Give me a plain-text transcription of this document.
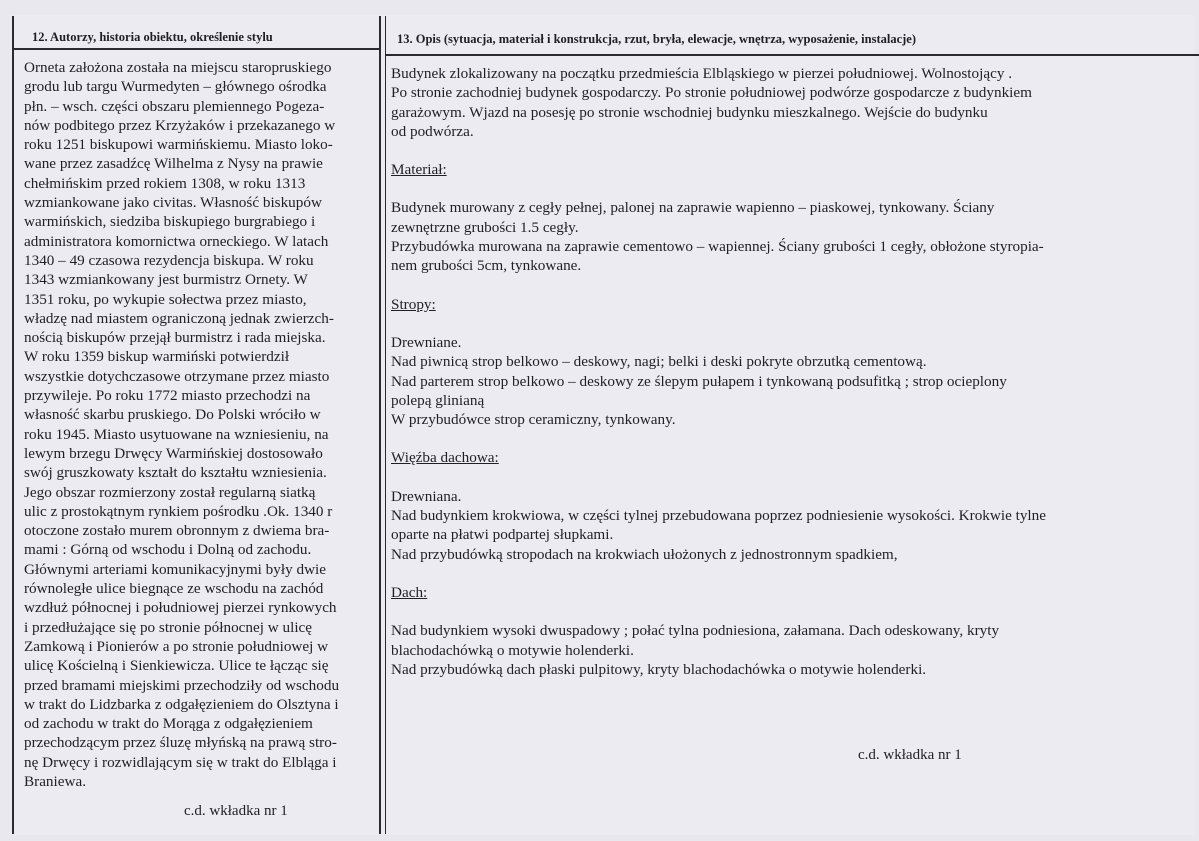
12. Autorzy, historia obiektu, określenie stylu	13. Opis (sytuacja, materiał i konstrukcja, rzut, bryła, elewacje, wnętrza, wyposażenie, instalacje)
Orneta założona została na miejscu staropruskiego
grodu lub targu Wurmedyten – głównego ośrodka
płn. – wsch. części obszaru plemiennego Pogeza-
nów podbitego przez Krzyżaków i przekazanego w
roku 1251 biskupowi warmińskiemu. Miasto loko-
wane przez zasadźcę Wilhelma z Nysy na prawie
chełmińskim przed rokiem 1308, w roku 1313
wzmiankowane jako civitas. Własność biskupów
warmińskich, siedziba biskupiego burgrabiego i
administratora komornictwa orneckiego. W latach
1340 – 49 czasowa rezydencja biskupa. W roku
1343 wzmiankowany jest burmistrz Ornety. W
1351 roku, po wykupie sołectwa przez miasto,
władzę nad miastem ograniczoną jednak zwierzch-
nością biskupów przejął burmistrz i rada miejska.
W roku 1359 biskup warmiński potwierdził
wszystkie dotychczasowe otrzymane przez miasto
przywileje. Po roku 1772 miasto przechodzi na
własność skarbu pruskiego. Do Polski wróciło w
roku 1945. Miasto usytuowane na wzniesieniu, na
lewym brzegu Drwęcy Warmińskiej dostosowało
swój gruszkowaty kształt do kształtu wzniesienia.
Jego obszar rozmierzony został regularną siatką
ulic z prostokątnym rynkiem pośrodku .Ok. 1340 r
otoczone zostało murem obronnym z dwiema bra-
mami : Górną od wschodu i Dolną od zachodu.
Głównymi arteriami komunikacyjnymi były dwie
równoległe ulice biegnące ze wschodu na zachód
wzdłuż północnej i południowej pierzei rynkowych
i przedłużające się po stronie północnej w ulicę
Zamkową i Pionierów a po stronie południowej w
ulicę Kościelną i Sienkiewicza. Ulice te łącząc się
przed bramami miejskimi przechodziły od wschodu
w trakt do Lidzbarka z odgałęzieniem do Olsztyna i
od zachodu w trakt do Morąga z odgałęzieniem
przechodzącym przez śluzę młyńską na prawą stro-
nę Drwęcy i rozwidlającym się w trakt do Elbląga i
Braniewa.
c.d. wkładka nr 1
Budynek zlokalizowany na początku przedmieścia Elbląskiego w pierzei południowej. Wolnostojący .
Po stronie zachodniej budynek gospodarczy. Po stronie południowej podwórze gospodarcze z budynkiem
garażowym. Wjazd na posesję po stronie wschodniej budynku mieszkalnego. Wejście do budynku
od podwórza.
Materiał:
Budynek murowany z cegły pełnej, palonej na zaprawie wapienno – piaskowej, tynkowany. Ściany
zewnętrzne grubości 1.5 cegły.
Przybudówka murowana na zaprawie cementowo – wapiennej. Ściany grubości 1 cegły, obłożone styropia-
nem grubości 5cm, tynkowane.
Stropy:
Drewniane.
Nad piwnicą strop belkowo – deskowy, nagi; belki i deski pokryte obrzutką cementową.
Nad parterem strop belkowo – deskowy ze ślepym pułapem i tynkowaną podsufitką ; strop ocieplony
polepą glinianą
W przybudówce strop ceramiczny, tynkowany.
Więźba dachowa:
Drewniana.
Nad budynkiem krokwiowa, w części tylnej przebudowana poprzez podniesienie wysokości. Krokwie tylne
oparte na płatwi podpartej słupkami.
Nad przybudówką stropodach na krokwiach ułożonych z jednostronnym spadkiem,
Dach:
Nad budynkiem wysoki dwuspadowy ; połać tylna podniesiona, załamana. Dach odeskowany, kryty
blachodachówką o motywie holenderki.
Nad przybudówką dach płaski pulpitowy, kryty blachodachówka o motywie holenderki.
c.d. wkładka nr 1
